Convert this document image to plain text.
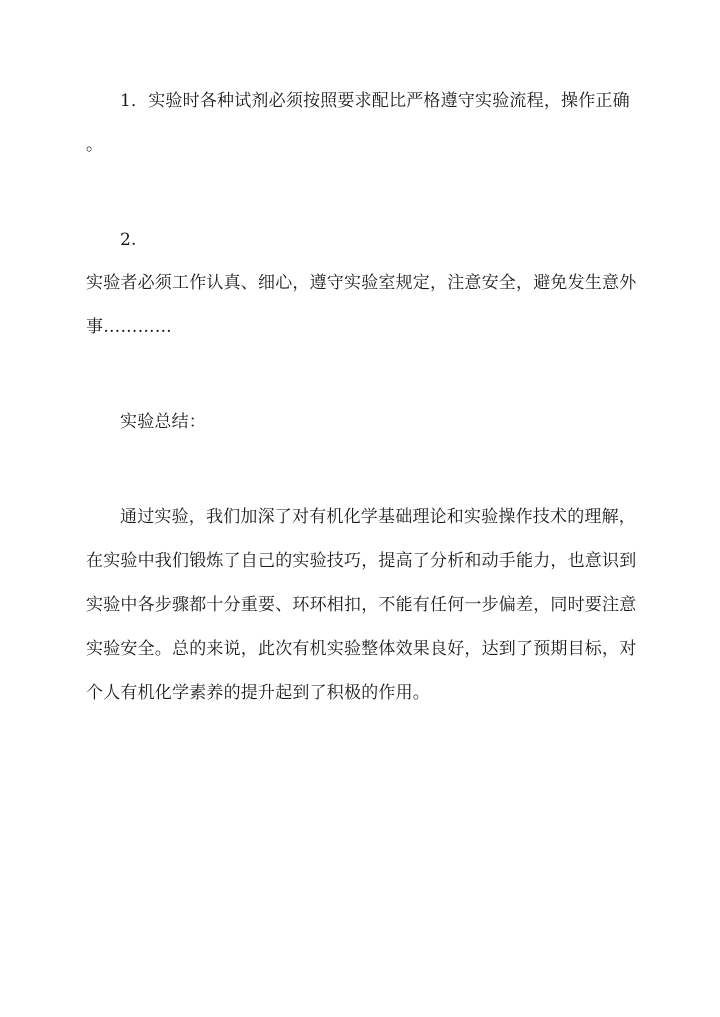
1．实验时各种试剂必须按照要求配比严格遵守实验流程，操作正确
。
2.
实验者必须工作认真、细心，遵守实验室规定，注意安全，避免发生意外
事…………
实验总结：
通过实验，我们加深了对有机化学基础理论和实验操作技术的理解，
在实验中我们锻炼了自己的实验技巧，提高了分析和动手能力，也意识到
实验中各步骤都十分重要、环环相扣，不能有任何一步偏差，同时要注意
实验安全。总的来说，此次有机实验整体效果良好，达到了预期目标，对
个人有机化学素养的提升起到了积极的作用。
